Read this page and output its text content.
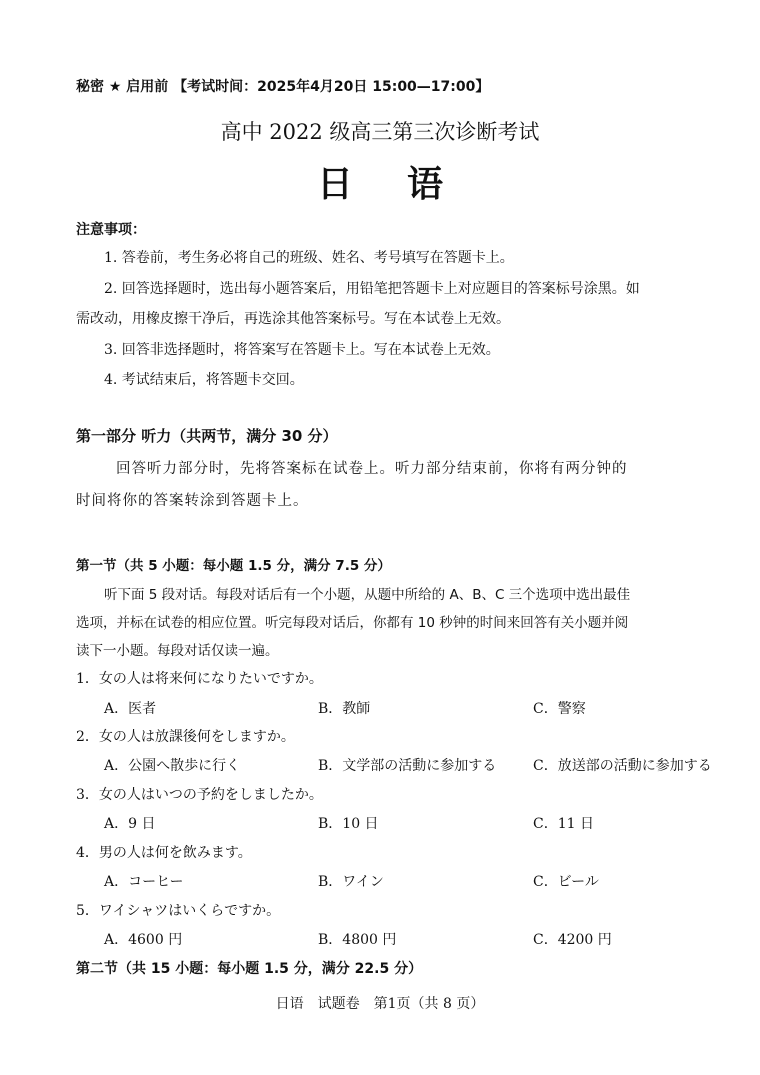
秘密 ★ 启用前 【考试时间：2025年4月20日 15:00—17:00】
高中 2022 级高三第三次诊断考试
日语
注意事项：
1. 答卷前，考生务必将自己的班级、姓名、考号填写在答题卡上。
2. 回答选择题时，选出每小题答案后，用铅笔把答题卡上对应题目的答案标号涂黑。如
需改动，用橡皮擦干净后，再选涂其他答案标号。写在本试卷上无效。
3. 回答非选择题时，将答案写在答题卡上。写在本试卷上无效。
4. 考试结束后，将答题卡交回。
第一部分 听力（共两节，满分 30 分）
回答听力部分时，先将答案标在试卷上。听力部分结束前，你将有两分钟的
时间将你的答案转涂到答题卡上。
第一节（共 5 小题：每小题 1.5 分，满分 7.5 分）
听下面 5 段对话。每段对话后有一个小题，从题中所给的 A、B、C 三个选项中选出最佳
选项，并标在试卷的相应位置。听完每段对话后，你都有 10 秒钟的时间来回答有关小题并阅
读下一小题。每段对话仅读一遍。
1．女の人は将来何になりたいですか。
A．医者	B．教師	C．警察
2．女の人は放課後何をしますか。
A．公園へ散歩に行く	B．文学部の活動に参加する	C．放送部の活動に参加する
3．女の人はいつの予約をしましたか。
A．9 日	B．10 日	C．11 日
4．男の人は何を飲みます。
A．コーヒー	B．ワイン	C．ビール
5．ワイシャツはいくらですか。
A．4600 円	B．4800 円	C．4200 円
第二节（共 15 小题：每小题 1.5 分，满分 22.5 分）
日语　试题卷　第1页（共 8 页）
